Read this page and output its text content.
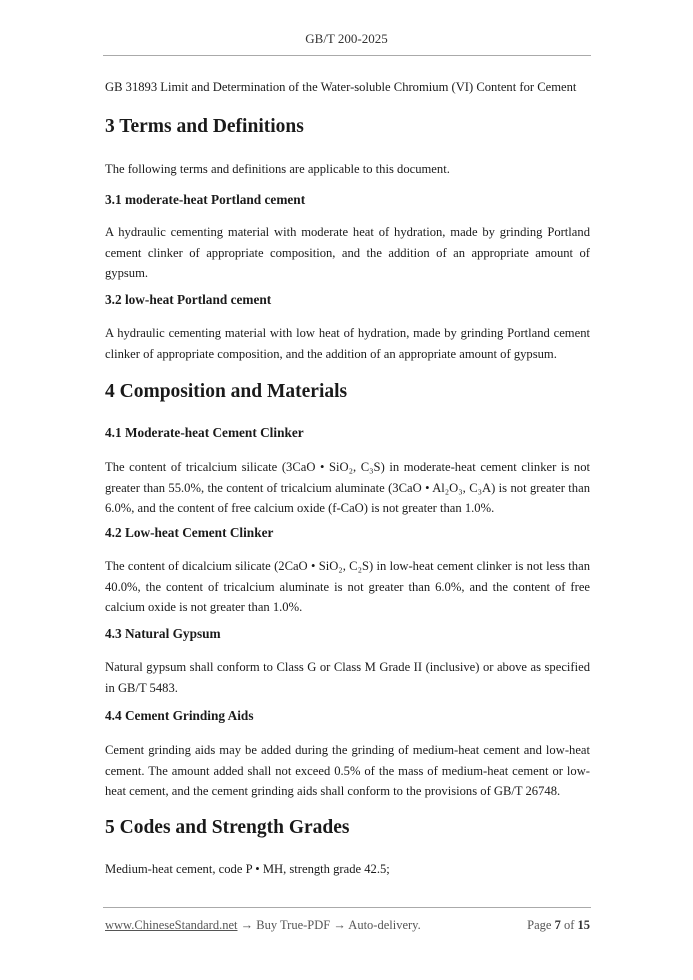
GB/T 200-2025

GB 31893 Limit and Determination of the Water-soluble Chromium (VI) Content for Cement

3 Terms and Definitions

The following terms and definitions are applicable to this document.

3.1 moderate-heat Portland cement

A hydraulic cementing material with moderate heat of hydration, made by grinding Portland cement clinker of appropriate composition, and the addition of an appropriate amount of gypsum.

3.2 low-heat Portland cement

A hydraulic cementing material with low heat of hydration, made by grinding Portland cement clinker of appropriate composition, and the addition of an appropriate amount of gypsum.

4 Composition and Materials
4.1 Moderate-heat Cement Clinker

The content of tricalcium silicate (3CaO • SiO₂, C₃S) in moderate-heat cement clinker is not greater than 55.0%, the content of tricalcium aluminate (3CaO • Al₂O₃, C₃A) is not greater than 6.0%, and the content of free calcium oxide (f-CaO) is not greater than 1.0%.

4.2 Low-heat Cement Clinker

The content of dicalcium silicate (2CaO • SiO₂, C₂S) in low-heat cement clinker is not less than 40.0%, the content of tricalcium aluminate is not greater than 6.0%, and the content of free calcium oxide is not greater than 1.0%.

4.3 Natural Gypsum

Natural gypsum shall conform to Class G or Class M Grade II (inclusive) or above as specified in GB/T 5483.

4.4 Cement Grinding Aids

Cement grinding aids may be added during the grinding of medium-heat cement and low-heat cement. The amount added shall not exceed 0.5% of the mass of medium-heat cement or low-heat cement, and the cement grinding aids shall conform to the provisions of GB/T 26748.

5 Codes and Strength Grades

Medium-heat cement, code P • MH, strength grade 42.5;

www.ChineseStandard.net → Buy True-PDF → Auto-delivery.	Page 7 of 15
